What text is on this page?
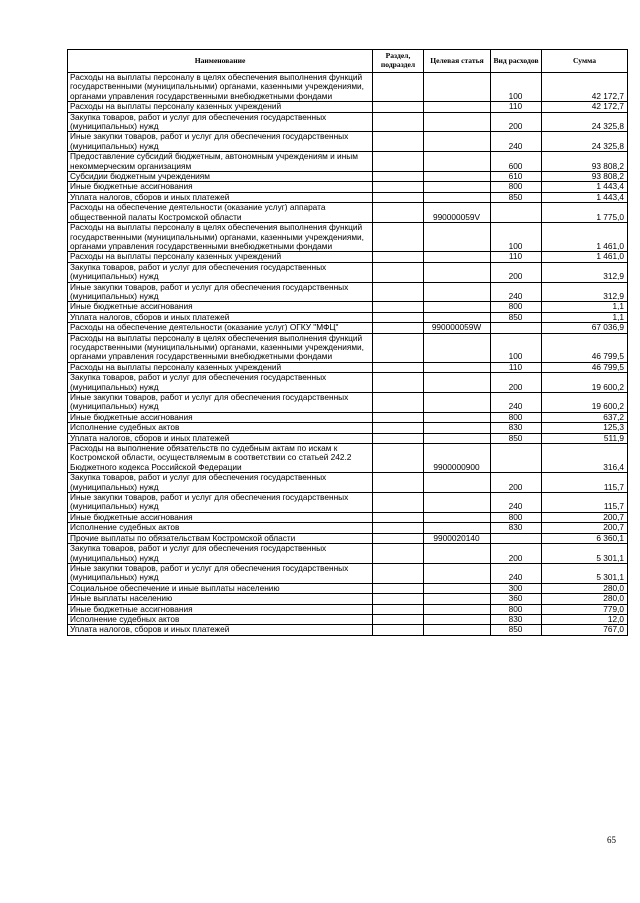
Наименование	Раздел, подраздел	Целевая статья	Вид расходов	Сумма
Расходы на выплаты персоналу в целях обеспечения выполнения функций государственными (муниципальными) органами, казенными учреждениями, органами управления государственными внебюджетными фондами			100	42 172,7
Расходы на выплаты персоналу казенных учреждений			110	42 172,7
Закупка товаров, работ и услуг для обеспечения государственных (муниципальных) нужд			200	24 325,8
Иные закупки товаров, работ и услуг для обеспечения государственных (муниципальных) нужд			240	24 325,8
Предоставление субсидий бюджетным, автономным учреждениям и иным некоммерческим организациям			600	93 808,2
Субсидии бюджетным учреждениям			610	93 808,2
Иные бюджетные ассигнования			800	1 443,4
Уплата налогов, сборов и иных платежей			850	1 443,4
Расходы на обеспечение деятельности (оказание услуг) аппарата общественной палаты Костромской области		990000059V		1 775,0
Расходы на выплаты персоналу в целях обеспечения выполнения функций государственными (муниципальными) органами, казенными учреждениями, органами управления государственными внебюджетными фондами			100	1 461,0
Расходы на выплаты персоналу казенных учреждений			110	1 461,0
Закупка товаров, работ и услуг для обеспечения государственных (муниципальных) нужд			200	312,9
Иные закупки товаров, работ и услуг для обеспечения государственных (муниципальных) нужд			240	312,9
Иные бюджетные ассигнования			800	1,1
Уплата налогов, сборов и иных платежей			850	1,1
Расходы на обеспечение деятельности (оказание услуг) ОГКУ "МФЦ"		990000059W		67 036,9
Расходы на выплаты персоналу в целях обеспечения выполнения функций государственными (муниципальными) органами, казенными учреждениями, органами управления государственными внебюджетными фондами			100	46 799,5
Расходы на выплаты персоналу казенных учреждений			110	46 799,5
Закупка товаров, работ и услуг для обеспечения государственных (муниципальных) нужд			200	19 600,2
Иные закупки товаров, работ и услуг для обеспечения государственных (муниципальных) нужд			240	19 600,2
Иные бюджетные ассигнования			800	637,2
Исполнение судебных актов			830	125,3
Уплата налогов, сборов и иных платежей			850	511,9
Расходы на выполнение обязательств по судебным актам по искам к Костромской области, осуществляемым в соответствии со статьей 242.2 Бюджетного кодекса Российской Федерации		9900000900		316,4
Закупка товаров, работ и услуг для обеспечения государственных (муниципальных) нужд			200	115,7
Иные закупки товаров, работ и услуг для обеспечения государственных (муниципальных) нужд			240	115,7
Иные бюджетные ассигнования			800	200,7
Исполнение судебных актов			830	200,7
Прочие выплаты по обязательствам Костромской области		9900020140		6 360,1
Закупка товаров, работ и услуг для обеспечения государственных (муниципальных) нужд			200	5 301,1
Иные закупки товаров, работ и услуг для обеспечения государственных (муниципальных) нужд			240	5 301,1
Социальное обеспечение и иные выплаты населению			300	280,0
Иные выплаты населению			360	280,0
Иные бюджетные ассигнования			800	779,0
Исполнение судебных актов			830	12,0
Уплата налогов, сборов и иных платежей			850	767,0
65
